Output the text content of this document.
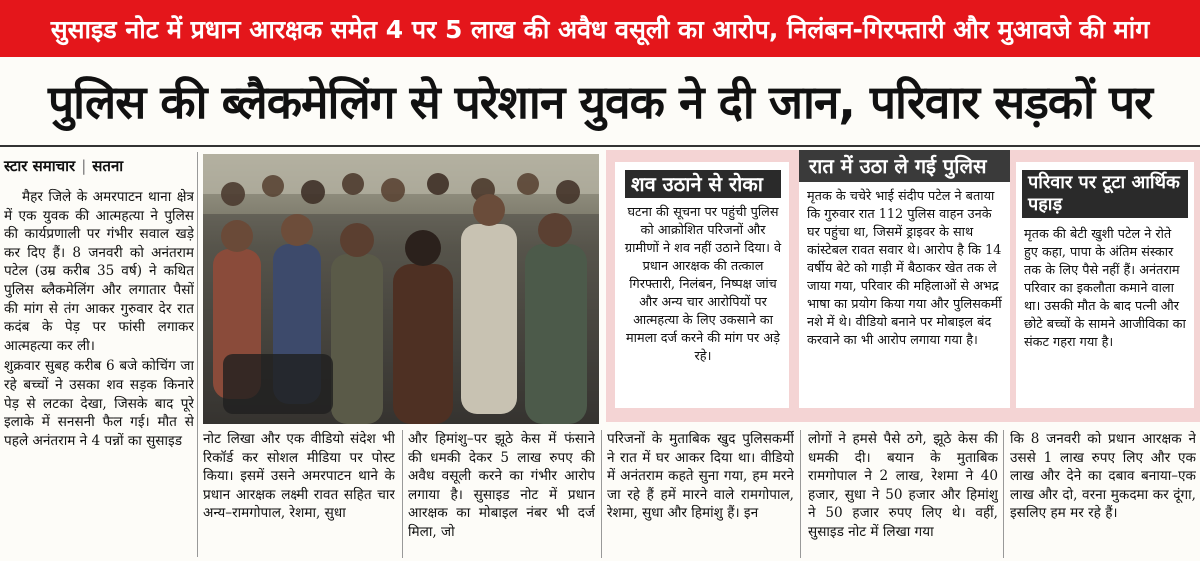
सुसाइड नोट में प्रधान आरक्षक समेत 4 पर 5 लाख की अवैध वसूली का आरोप, निलंबन-गिरफ्तारी और मुआवजे की मांग
पुलिस की ब्लैकमेलिंग से परेशान युवक ने दी जान, परिवार सड़कों पर
स्टार समाचार | सतना

मैहर जिले के अमरपाटन थाना क्षेत्र में एक युवक की आत्महत्या ने पुलिस की कार्यप्रणाली पर गंभीर सवाल खड़े कर दिए हैं। 8 जनवरी को अनंतराम पटेल (उम्र करीब 35 वर्ष) ने कथित पुलिस ब्लैकमेलिंग और लगातार पैसों की मांग से तंग आकर गुरुवार देर रात कदंब के पेड़ पर फांसी लगाकर आत्महत्या कर ली।

शुक्रवार सुबह करीब 6 बजे कोचिंग जा रहे बच्चों ने उसका शव सड़क किनारे पेड़ से लटका देखा, जिसके बाद पूरे इलाके में सनसनी फैल गई। मौत से पहले अनंतराम ने 4 पन्नों का सुसाइड

शव उठाने से रोका
घटना की सूचना पर पहुंची पुलिस को आक्रोशित परिजनों और ग्रामीणों ने शव नहीं उठाने दिया। वे प्रधान आरक्षक की तत्काल गिरफ्तारी, निलंबन, निष्पक्ष जांच और अन्य चार आरोपियों पर आत्महत्या के लिए उकसाने का मामला दर्ज करने की मांग पर अड़े रहे।
रात में उठा ले गई पुलिस
मृतक के चचेरे भाई संदीप पटेल ने बताया कि गुरुवार रात 112 पुलिस वाहन उनके घर पहुंचा था, जिसमें ड्राइवर के साथ कांस्टेबल रावत सवार थे। आरोप है कि 14 वर्षीय बेटे को गाड़ी में बैठाकर खेत तक ले जाया गया, परिवार की महिलाओं से अभद्र भाषा का प्रयोग किया गया और पुलिसकर्मी नशे में थे। वीडियो बनाने पर मोबाइल बंद करवाने का भी आरोप लगाया गया है।
परिवार पर टूटा आर्थिक पहाड़
मृतक की बेटी खुशी पटेल ने रोते हुए कहा, पापा के अंतिम संस्कार तक के लिए पैसे नहीं हैं। अनंतराम परिवार का इकलौता कमाने वाला था। उसकी मौत के बाद पत्नी और छोटे बच्चों के सामने आजीविका का संकट गहरा गया है।

नोट लिखा और एक वीडियो संदेश भी रिकॉर्ड कर सोशल मीडिया पर पोस्ट किया। इसमें उसने अमरपाटन थाने के प्रधान आरक्षक लक्ष्मी रावत सहित चार अन्य–रामगोपाल, रेशमा, सुधा

और हिमांशु–पर झूठे केस में फंसाने की धमकी देकर 5 लाख रुपए की अवैध वसूली करने का गंभीर आरोप लगाया है। सुसाइड नोट में प्रधान आरक्षक का मोबाइल नंबर भी दर्ज मिला, जो

परिजनों के मुताबिक खुद पुलिसकर्मी ने रात में घर आकर दिया था। वीडियो में अनंतराम कहते सुना गया, हम मरने जा रहे हैं हमें मारने वाले रामगोपाल, रेशमा, सुधा और हिमांशु हैं। इन

लोगों ने हमसे पैसे ठगे, झूठे केस की धमकी दी। बयान के मुताबिक रामगोपाल ने 2 लाख, रेशमा ने 40 हजार, सुधा ने 50 हजार और हिमांशु ने 50 हजार रुपए लिए थे। वहीं, सुसाइड नोट में लिखा गया

कि 8 जनवरी को प्रधान आरक्षक ने उससे 1 लाख रुपए लिए और एक लाख और देने का दबाव बनाया–एक लाख और दो, वरना मुकदमा कर दूंगा, इसलिए हम मर रहे हैं।
